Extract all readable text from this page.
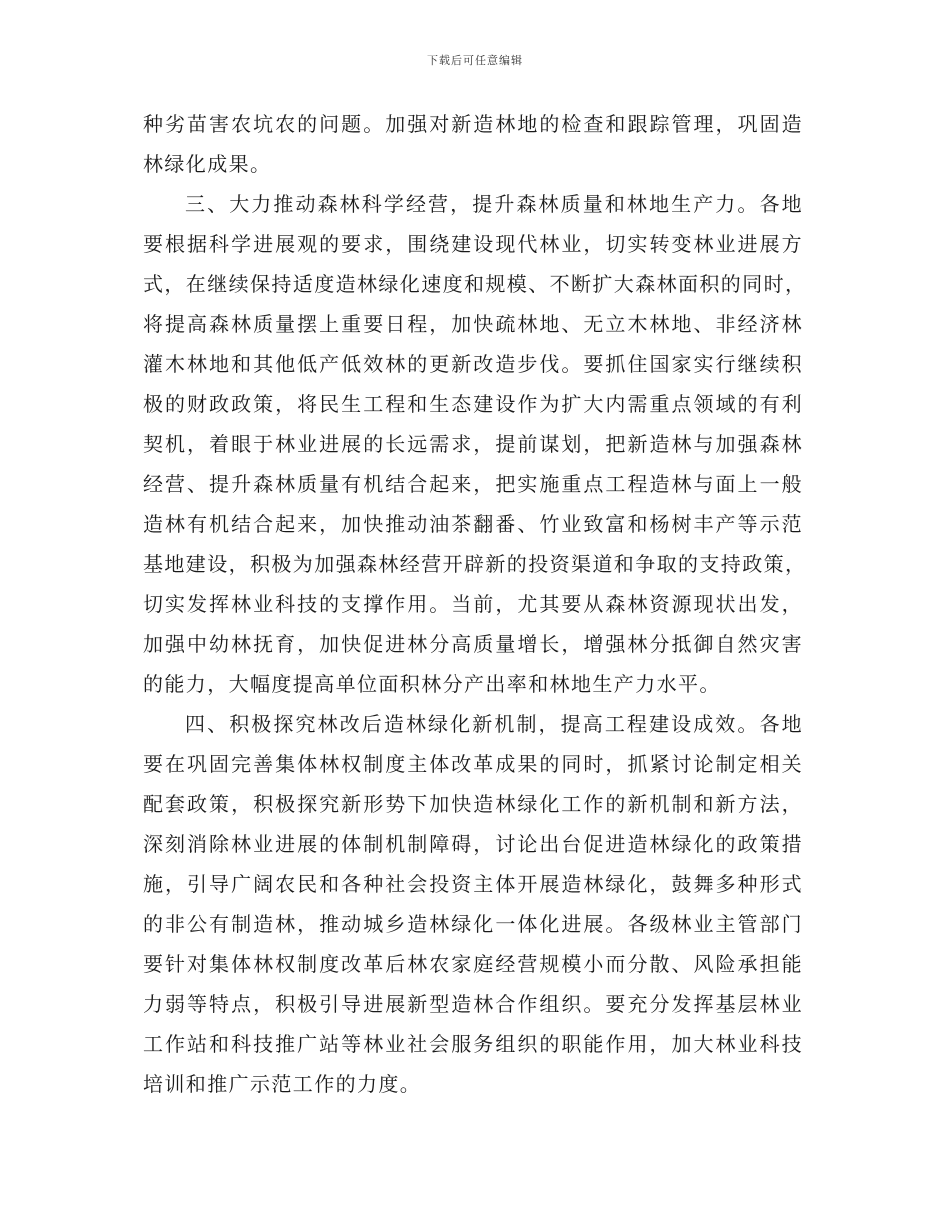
下载后可任意编辑
种劣苗害农坑农的问题。加强对新造林地的检查和跟踪管理，巩固造
林绿化成果。
三、大力推动森林科学经营，提升森林质量和林地生产力。各地
要根据科学进展观的要求，围绕建设现代林业，切实转变林业进展方
式，在继续保持适度造林绿化速度和规模、不断扩大森林面积的同时，
将提高森林质量摆上重要日程，加快疏林地、无立木林地、非经济林
灌木林地和其他低产低效林的更新改造步伐。要抓住国家实行继续积
极的财政政策，将民生工程和生态建设作为扩大内需重点领域的有利
契机，着眼于林业进展的长远需求，提前谋划，把新造林与加强森林
经营、提升森林质量有机结合起来，把实施重点工程造林与面上一般
造林有机结合起来，加快推动油茶翻番、竹业致富和杨树丰产等示范
基地建设，积极为加强森林经营开辟新的投资渠道和争取的支持政策，
切实发挥林业科技的支撑作用。当前，尤其要从森林资源现状出发，
加强中幼林抚育，加快促进林分高质量增长，增强林分抵御自然灾害
的能力，大幅度提高单位面积林分产出率和林地生产力水平。
四、积极探究林改后造林绿化新机制，提高工程建设成效。各地
要在巩固完善集体林权制度主体改革成果的同时，抓紧讨论制定相关
配套政策，积极探究新形势下加快造林绿化工作的新机制和新方法，
深刻消除林业进展的体制机制障碍，讨论出台促进造林绿化的政策措
施，引导广阔农民和各种社会投资主体开展造林绿化，鼓舞多种形式
的非公有制造林，推动城乡造林绿化一体化进展。各级林业主管部门
要针对集体林权制度改革后林农家庭经营规模小而分散、风险承担能
力弱等特点，积极引导进展新型造林合作组织。要充分发挥基层林业
工作站和科技推广站等林业社会服务组织的职能作用，加大林业科技
培训和推广示范工作的力度。
